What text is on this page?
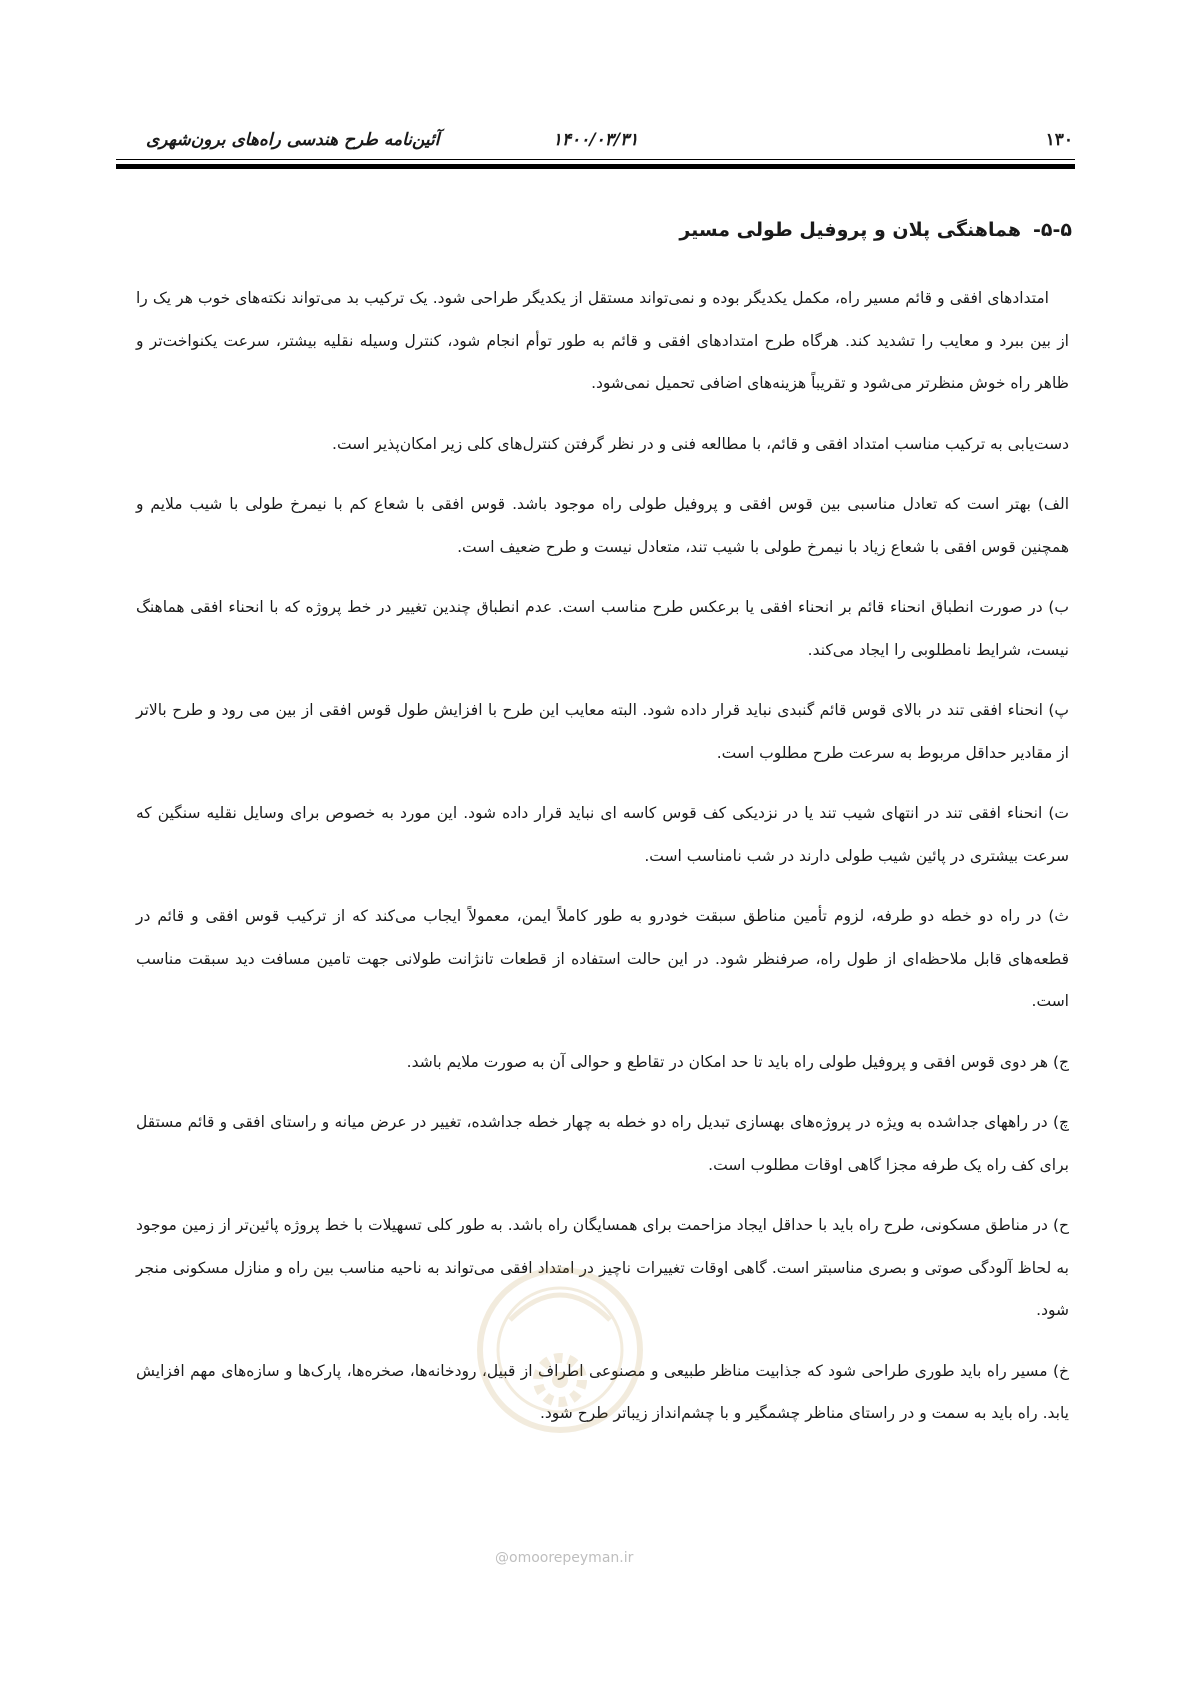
آئین‌نامه طرح هندسی راه‌های برون‌شهری	۱۴۰۰/۰۳/۳۱	۱۳۰
۵-۵-هماهنگی پلان و پروفیل طولی مسیر

امتدادهای افقی و قائم مسیر راه، مکمل یکدیگر بوده و نمی‌تواند مستقل از یکدیگر طراحی شود. یک ترکیب بد می‌تواند نکته‌های خوب هر یک را از بین ببرد و معایب را تشدید کند. هرگاه طرح امتدادهای افقی و قائم به طور توأم انجام شود، کنترل وسیله نقلیه بیشتر، سرعت یکنواخت‌تر و ظاهر راه خوش منظرتر می‌شود و تقریباً هزینه‌های اضافی تحمیل نمی‌شود.

دست‌یابی به ترکیب مناسب امتداد افقی و قائم، با مطالعه فنی و در نظر گرفتن کنترل‌های کلی زیر امکان‌پذیر است.

الف) بهتر است که تعادل مناسبی بین قوس افقی و پروفیل طولی راه موجود باشد. قوس افقی با شعاع کم با نیمرخ طولی با شیب ملایم و همچنین قوس افقی با شعاع زیاد با نیمرخ طولی با شیب تند، متعادل نیست و طرح ضعیف است.

ب) در صورت انطباق انحناء قائم بر انحناء افقی یا برعکس طرح مناسب است. عدم انطباق چندین تغییر در خط پروژه که با انحناء افقی هماهنگ نیست، شرایط نامطلوبی را ایجاد می‌کند.

پ) انحناء افقی تند در بالای قوس قائم گنبدی نباید قرار داده شود. البته معایب این طرح با افزایش طول قوس افقی از بین می رود و طرح بالاتر از مقادیر حداقل مربوط به سرعت طرح مطلوب است.

ت) انحناء افقی تند در انتهای شیب تند یا در نزدیکی کف قوس کاسه ای نباید قرار داده شود. این مورد به خصوص برای وسایل نقلیه سنگین که سرعت بیشتری در پائین شیب طولی دارند در شب نامناسب است.

ث) در راه دو خطه دو طرفه، لزوم تأمین مناطق سبقت خودرو به طور کاملاً ایمن، معمولاً ایجاب می‌کند که از ترکیب قوس افقی و قائم در قطعه‌های قابل ملاحظه‌ای از طول راه، صرفنظر شود. در این حالت استفاده از قطعات تانژانت طولانی جهت تامین مسافت دید سبقت مناسب است.

ج) هر دوی قوس افقی و پروفیل طولی راه باید تا حد امکان در تقاطع و حوالی آن به صورت ملایم باشد.

چ) در راههای جداشده به ویژه در پروژه‌های بهسازی تبدیل راه دو خطه به چهار خطه جداشده، تغییر در عرض میانه و راستای افقی و قائم مستقل برای کف راه یک طرفه مجزا گاهی اوقات مطلوب است.

ح) در مناطق مسکونی، طرح راه باید با حداقل ایجاد مزاحمت برای همسایگان راه باشد. به طور کلی تسهیلات با خط پروژه پائین‌تر از زمین موجود به لحاظ آلودگی صوتی و بصری مناسبتر است. گاهی اوقات تغییرات ناچیز در امتداد افقی می‌تواند به ناحیه مناسب بین راه و منازل مسکونی منجر شود.

خ) مسیر راه باید طوری طراحی شود که جذابیت مناظر طبیعی و مصنوعی اطراف از قبیل، رودخانه‌ها، صخره‌ها، پارک‌ها و سازه‌های مهم افزایش یابد. راه باید به سمت و در راستای مناظر چشمگیر و با چشم‌انداز زیباتر طرح شود.

@omoorepeyman.ir
